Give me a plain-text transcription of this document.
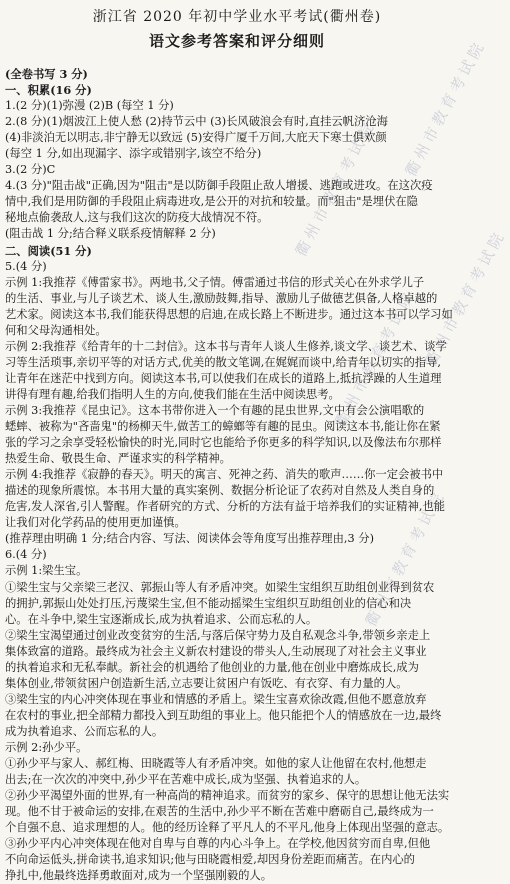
衢州市教育考试院
衢州市教育考试院
衢州市教育考试院
衢州市教育考试院
衢州市教育考试院
浙江省 2020 年初中学业水平考试(衢州卷)
语文参考答案和评分细则

(全卷书写 3 分)

一、积累(16 分)

1.(2 分)(1)弥漫 (2)B (每空 1 分)

2.(8 分)(1)烟波江上使人愁 (2)持节云中 (3)长风破浪会有时,直挂云帆济沧海

(4)非淡泊无以明志,非宁静无以致远 (5)安得广厦千万间,大庇天下寒士俱欢颜

(每空 1 分,如出现漏字、添字或错别字,该空不给分)

3.(2 分)C

4.(3 分)"阻击战"正确,因为"阻击"是以防御手段阻止敌人增援、逃跑或进攻。在这次疫

情中,我们是用防御的手段阻止病毒进攻,是公开的对抗和较量。而"狙击"是埋伏在隐

秘地点偷袭敌人,这与我们这次的防疫大战情况不符。

(阻击战 1 分;结合释义联系疫情解释 2 分)

二、阅读(51 分)

5.(4 分)

示例 1:我推荐《傅雷家书》。两地书,父子情。傅雷通过书信的形式关心在外求学儿子

的生活、事业,与儿子谈艺术、谈人生,激励鼓舞,指导、激励儿子做德艺俱备,人格卓越的

艺术家。阅读这本书,我们能获得思想的启迪,在成长路上不断进步。通过这本书可以学习如

何和父母沟通相处。

示例 2:我推荐《给青年的十二封信》。这本书与青年人谈人生修养,谈文学、谈艺术、谈学

习等生活琐事,亲切平等的对话方式,优美的散文笔调,在娓娓而谈中,给青年以切实的指导,

让青年在迷茫中找到方向。阅读这本书,可以使我们在成长的道路上,抵抗浮躁的人生道理

讲得有理有趣,给我们指明人生的方向,使我们能在生活中阅读思考。

示例 3:我推荐《昆虫记》。这本书带你进入一个有趣的昆虫世界,文中有会公演唱歌的

蟋蟀、被称为"吝啬鬼"的杨柳天牛,做苦工的蟑螂等有趣的昆虫。阅读这本书,能让你在紧

张的学习之余享受轻松愉快的时光,同时它也能给予你更多的科学知识,以及像法布尔那样

热爱生命、敬畏生命、严谨求实的科学精神。

示例 4:我推荐《寂静的春天》。明天的寓言、死神之药、消失的歌声……你一定会被书中

描述的现象所震惊。本书用大量的真实案例、数据分析论证了农药对自然及人类自身的

危害,发人深省,引人警醒。作者研究的方式、分析的方法有益于培养我们的实证精神,也能

让我们对化学药品的使用更加谨慎。

(推荐理由明确 1 分;结合内容、写法、阅读体会等角度写出推荐理由,3 分)

6.(4 分)

示例 1:梁生宝。

①梁生宝与父亲梁三老汉、郭振山等人有矛盾冲突。如梁生宝组织互助组创业得到贫农

的拥护,郭振山处处打压,污蔑梁生宝,但不能动摇梁生宝组织互助组创业的信心和决

心。在斗争中,梁生宝逐渐成长,成为执着追求、公而忘私的人。

②梁生宝渴望通过创业改变贫穷的生活,与落后保守势力及自私观念斗争,带领乡亲走上

集体致富的道路。最终成为社会主义新农村建设的带头人,生动展现了对社会主义事业

的执着追求和无私奉献。新社会的机遇给了他创业的力量,他在创业中磨炼成长,成为

集体创业,带领贫困户创造新生活,立志要让贫困户有饭吃、有衣穿、有力量的人。

③梁生宝的内心冲突体现在事业和情感的矛盾上。梁生宝喜欢徐改霞,但他不愿意放弃

在农村的事业,把全部精力都投入到互助组的事业上。他只能把个人的情感放在一边,最终

成为执着追求、公而忘私的人。

示例 2:孙少平。

①孙少平与家人、郝红梅、田晓霞等人有矛盾冲突。如他的家人让他留在农村,他想走

出去;在一次次的冲突中,孙少平在苦难中成长,成为坚强、执着追求的人。

②孙少平渴望外面的世界,有一种高尚的精神追求。而贫穷的家乡、保守的思想让他无法实

现。他不甘于被命运的安排,在艰苦的生活中,孙少平不断在苦难中磨砺自己,最终成为一

个自强不息、追求理想的人。他的经历诠释了平凡人的不平凡,他身上体现出坚强的意志。

③孙少平内心冲突体现在他对自卑与自尊的内心斗争上。在学校,他因贫穷而自卑,但他

不向命运低头,拼命读书,追求知识;他与田晓霞相爱,却因身份差距而痛苦。在内心的

挣扎中,他最终选择勇敢面对,成为一个坚强刚毅的人。
